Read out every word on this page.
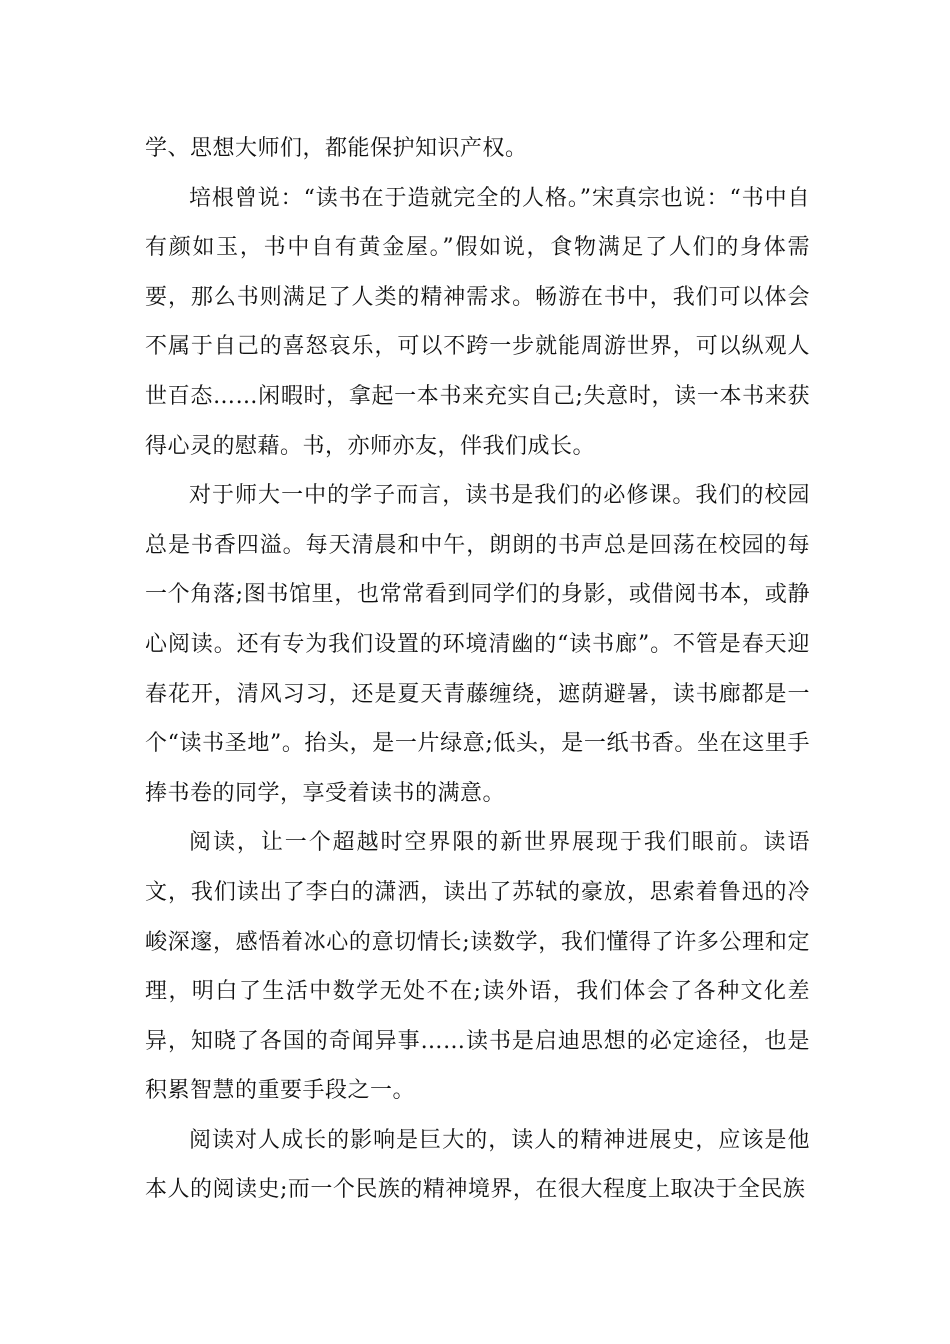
学、思想大师们，都能保护知识产权。

培根曾说：“读书在于造就完全的人格。”宋真宗也说：“书中自有颜如玉，书中自有黄金屋。”假如说，食物满足了人们的身体需要，那么书则满足了人类的精神需求。畅游在书中，我们可以体会不属于自己的喜怒哀乐，可以不跨一步就能周游世界，可以纵观人世百态……闲暇时，拿起一本书来充实自己;失意时，读一本书来获得心灵的慰藉。书，亦师亦友，伴我们成长。

对于师大一中的学子而言，读书是我们的必修课。我们的校园总是书香四溢。每天清晨和中午，朗朗的书声总是回荡在校园的每一个角落;图书馆里，也常常看到同学们的身影，或借阅书本，或静心阅读。还有专为我们设置的环境清幽的“读书廊”。不管是春天迎春花开，清风习习，还是夏天青藤缠绕，遮荫避暑，读书廊都是一个“读书圣地”。抬头，是一片绿意;低头，是一纸书香。坐在这里手捧书卷的同学，享受着读书的满意。

阅读，让一个超越时空界限的新世界展现于我们眼前。读语文，我们读出了李白的潇洒，读出了苏轼的豪放，思索着鲁迅的冷峻深邃，感悟着冰心的意切情长;读数学，我们懂得了许多公理和定理，明白了生活中数学无处不在;读外语，我们体会了各种文化差异，知晓了各国的奇闻异事……读书是启迪思想的必定途径，也是积累智慧的重要手段之一。

阅读对人成长的影响是巨大的，读人的精神进展史，应该是他本人的阅读史;而一个民族的精神境界，在很大程度上取决于全民族
